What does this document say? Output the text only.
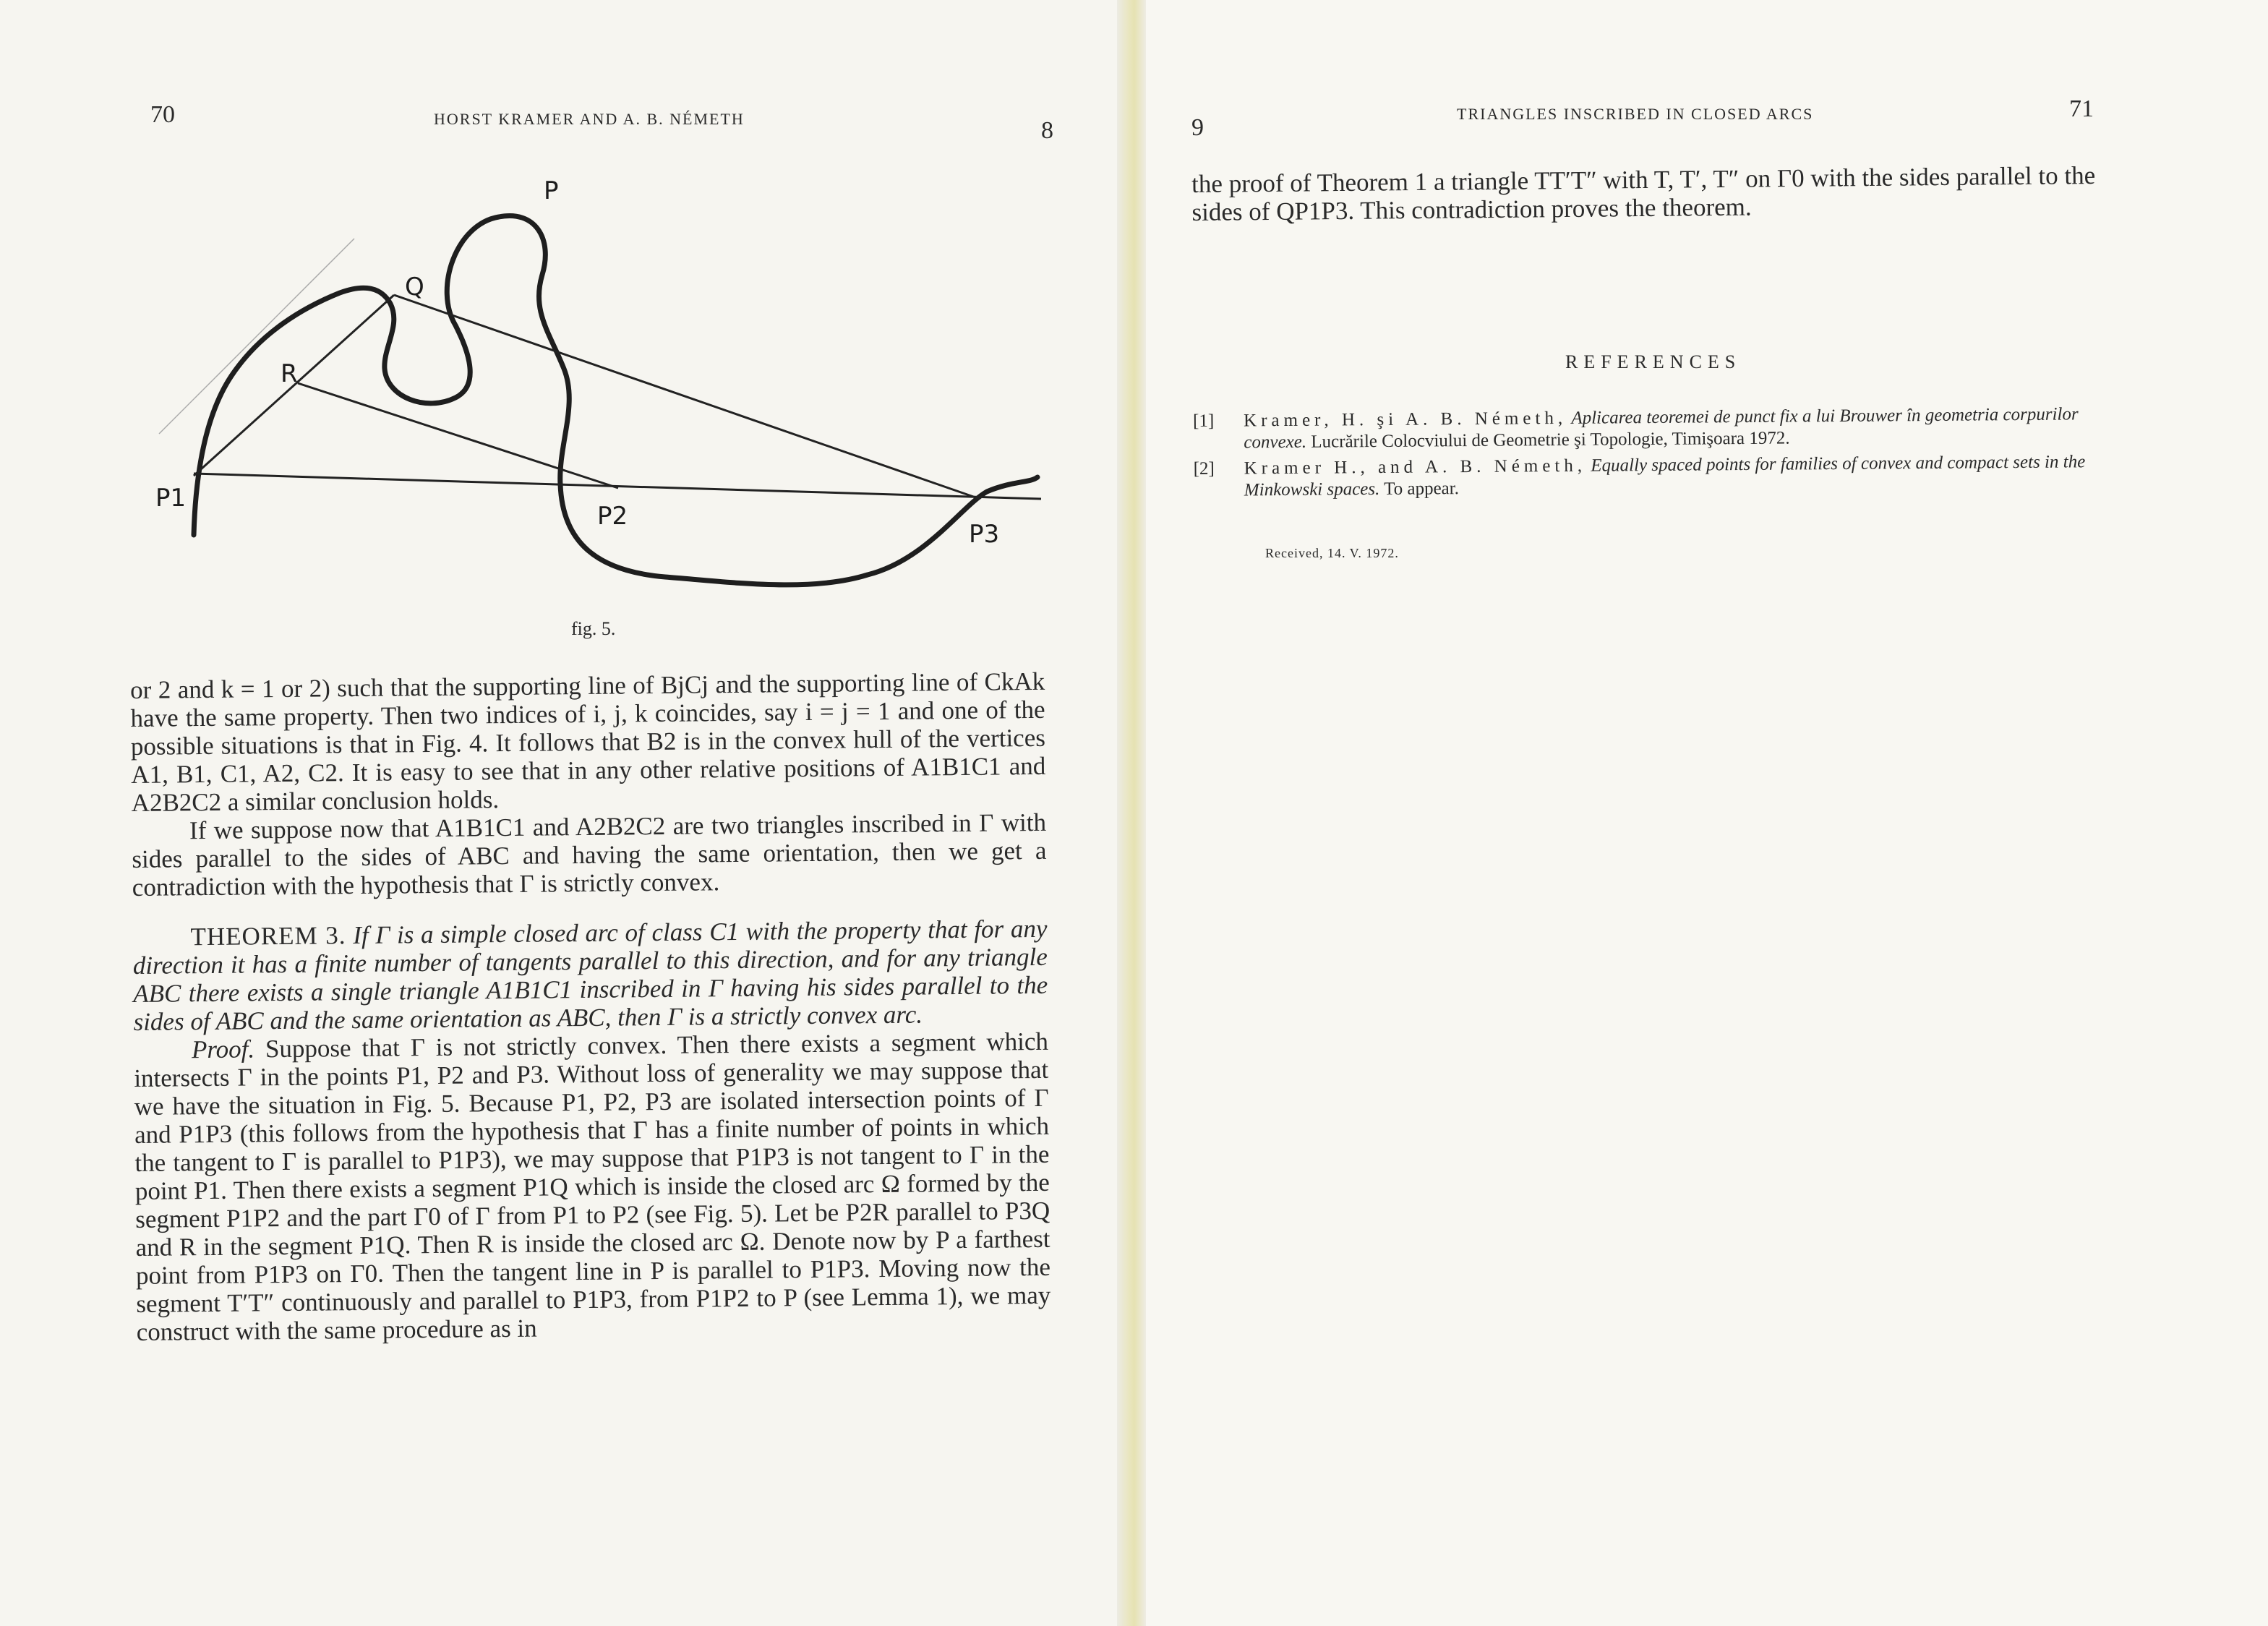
70	HORST KRAMER AND A. B. NÉMETH	8
P
Q
R
P1
P2
P3
fig. 5.

or 2 and k = 1 or 2) such that the supporting line of BjCj and the supporting line of CkAk have the same property. Then two indices of i, j, k coincides, say i = j = 1 and one of the possible situations is that in Fig. 4. It follows that B2 is in the convex hull of the vertices A1, B1, C1, A2, C2. It is easy to see that in any other relative positions of A1B1C1 and A2B2C2 a similar conclusion holds.

If we suppose now that A1B1C1 and A2B2C2 are two triangles inscribed in Γ with sides parallel to the sides of ABC and having the same orientation, then we get a contradiction with the hypothesis that Γ is strictly convex.

THEOREM 3. If Γ is a simple closed arc of class C1 with the property that for any direction it has a finite number of tangents parallel to this direction, and for any triangle ABC there exists a single triangle A1B1C1 inscribed in Γ having his sides parallel to the sides of ABC and the same orientation as ABC, then Γ is a strictly convex arc.

Proof. Suppose that Γ is not strictly convex. Then there exists a segment which intersects Γ in the points P1, P2 and P3. Without loss of generality we may suppose that we have the situation in Fig. 5. Because P1, P2, P3 are isolated intersection points of Γ and P1P3 (this follows from the hypothesis that Γ has a finite number of points in which the tangent to Γ is parallel to P1P3), we may suppose that P1P3 is not tangent to Γ in the point P1. Then there exists a segment P1Q which is inside the closed arc Ω formed by the segment P1P2 and the part Γ0 of Γ from P1 to P2 (see Fig. 5). Let be P2R parallel to P3Q and R in the segment P1Q. Then R is inside the closed arc Ω. Denote now by P a farthest point from P1P3 on Γ0. Then the tangent line in P is parallel to P1P3. Moving now the segment T′T″ continuously and parallel to P1P3, from P1P2 to P (see Lemma 1), we may construct with the same procedure as in

9
TRIANGLES INSCRIBED IN CLOSED ARCS	71

the proof of Theorem 1 a triangle TT′T″ with T, T′, T″ on Γ0 with the sides parallel to the sides of QP1P3. This contradiction proves the theorem.

REFERENCES
[1] Kramer, H. şi A. B. Németh, Aplicarea teoremei de punct fix a lui Brouwer în geometria corpurilor convexe. Lucrările Colocviului de Geometrie şi Topologie, Timişoara 1972.
[2] Kramer H., and A. B. Németh, Equally spaced points for families of convex and compact sets in the Minkowski spaces. To appear.
Received, 14. V. 1972.
